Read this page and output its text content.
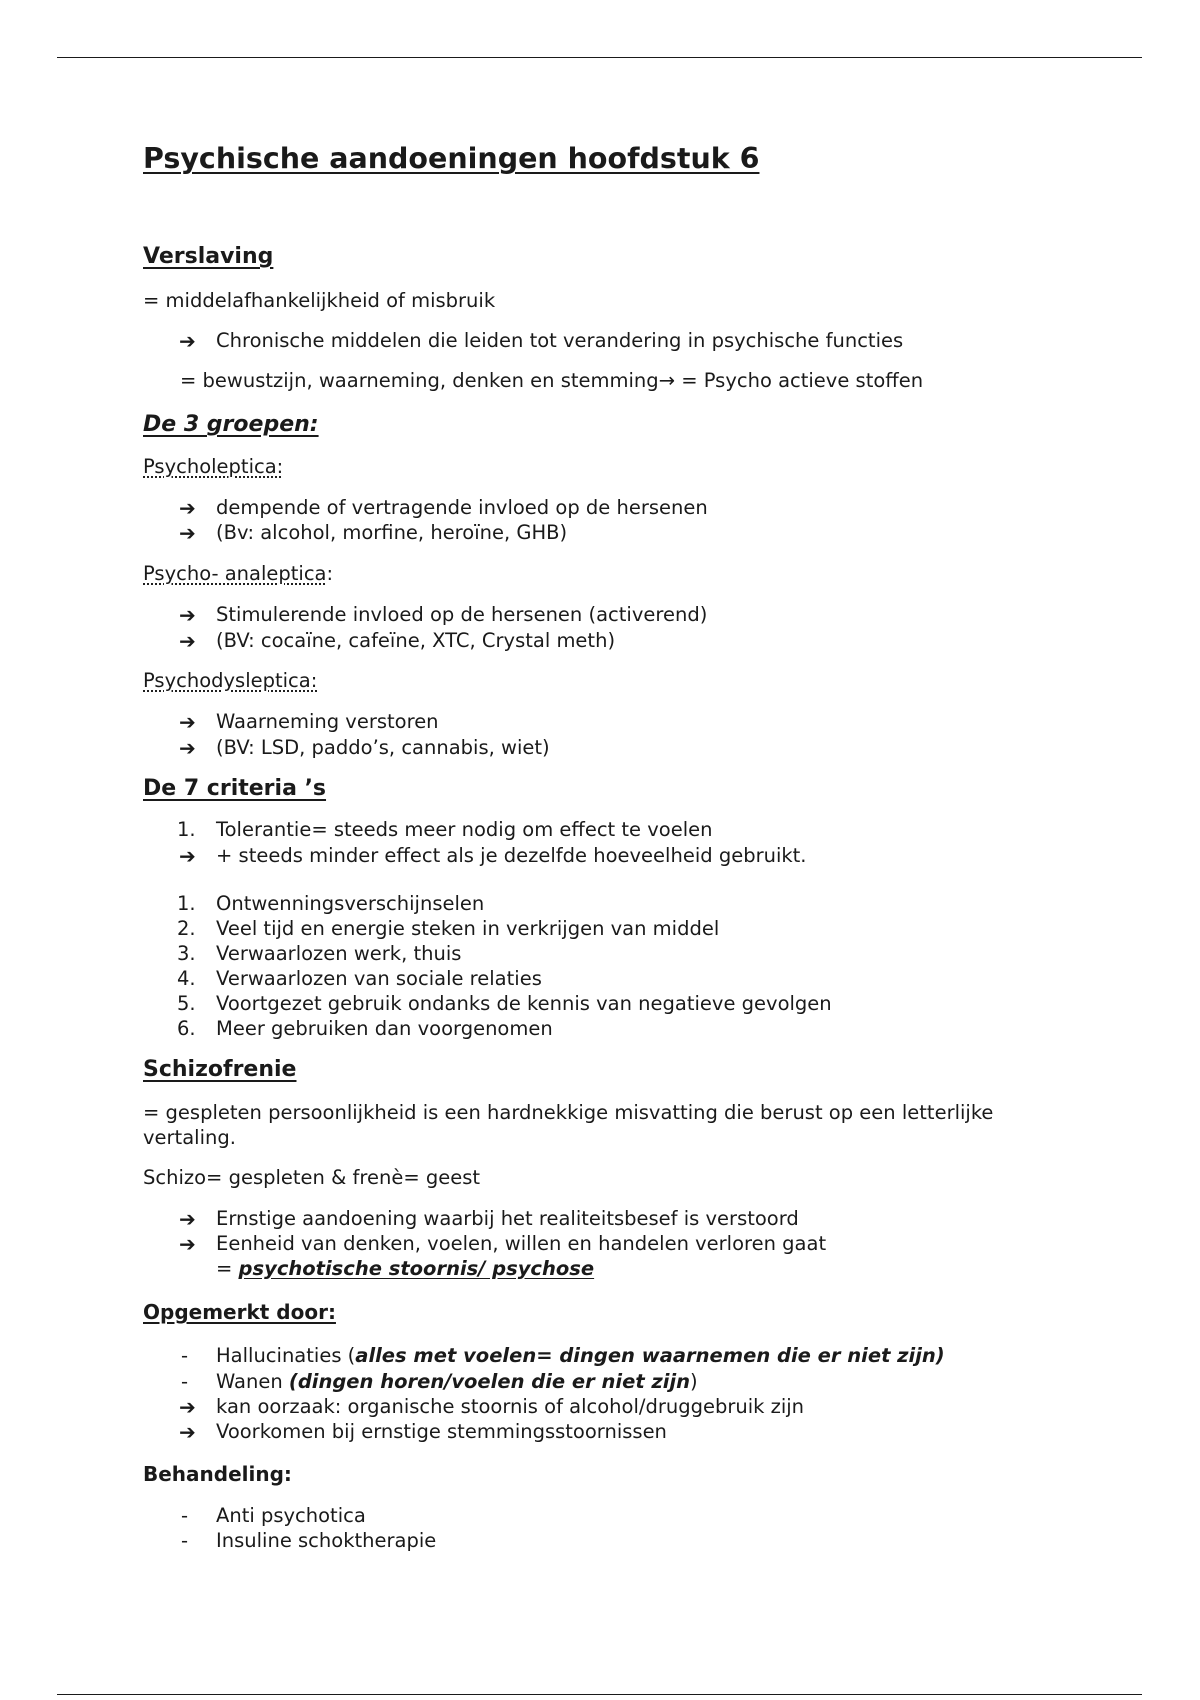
Psychische aandoeningen hoofdstuk 6

Verslaving

= middelafhankelijkheid of misbruik

➔ Chronische middelen die leiden tot verandering in psychische functies

= bewustzijn, waarneming, denken en stemming→ = Psycho actieve stoffen

De 3 groepen:

Psycholeptica:

➔ dempende of vertragende invloed op de hersenen
➔ (Bv: alcohol, morfine, heroïne, GHB)

Psycho- analeptica:

➔ Stimulerende invloed op de hersenen (activerend)
➔ (BV: cocaïne, cafeïne, XTC, Crystal meth)

Psychodysleptica:

➔ Waarneming verstoren
➔ (BV: LSD, paddo’s, cannabis, wiet)

De 7 criteria ’s

1. Tolerantie= steeds meer nodig om effect te voelen
➔ + steeds minder effect als je dezelfde hoeveelheid gebruikt.
1. Ontwenningsverschijnselen
2. Veel tijd en energie steken in verkrijgen van middel
3. Verwaarlozen werk, thuis
4. Verwaarlozen van sociale relaties
5. Voortgezet gebruik ondanks de kennis van negatieve gevolgen
6. Meer gebruiken dan voorgenomen

Schizofrenie

= gespleten persoonlijkheid is een hardnekkige misvatting die berust op een letterlijke

vertaling.

Schizo= gespleten & frenè= geest

➔ Ernstige aandoening waarbij het realiteitsbesef is verstoord
➔ Eenheid van denken, voelen, willen en handelen verloren gaat

= psychotische stoornis/ psychose

Opgemerkt door:

- Hallucinaties (alles met voelen= dingen waarnemen die er niet zijn)
- Wanen (dingen horen/voelen die er niet zijn)
➔ kan oorzaak: organische stoornis of alcohol/druggebruik zijn
➔ Voorkomen bij ernstige stemmingsstoornissen

Behandeling:

- Anti psychotica
- Insuline schoktherapie
